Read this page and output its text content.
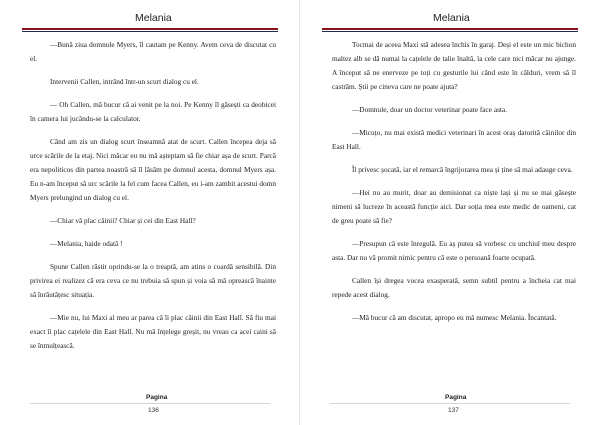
Melania

—Bună ziua domnule Myers, îl cautam pe Kenny. Avem ceva de discutat cu el.

Intervenii Callen, intrând într-un scurt dialog cu el.

— Oh Callen, mă bucur că ai venit pe la noi. Pe Kenny îl găsești ca deobicei în camera lui jucându-se la calculator.

Când am zis un dialog scurt înseamnă atat de scurt. Callen începea deja să urce scările de la etaj. Nici măcar eu nu mă așteptam să fie chiar așa de scurt. Parcă era nepoliticos din partea noastră să îl lăsăm pe domnul acesta, domnul Myers așa. Eu n-am început să urc scările la fel cum facea Callen, eu i-am zambit acestui domn Myers prelungind un dialog cu el.

—Chiar vă plac câinii? Chiar și cei din East Hall?

—Melania, haide odată !

Spune Callen răstit oprindu-se la o treaptă, am atins o coardă sensibilă. Din privirea ei realizez că era ceva ce nu trebuia să spun și voia să mă oprească înainte să înrăutățesc situația.

—Mie nu, lui Maxi al meu ar parea că îi plac câinii din East Hall. Să fiu mai exact îi plac cațelele din East Hall. Nu mă înțelege greșit, nu vreau ca acei caini să se înmulțească.

Pagina
136
Melania

Tocmai de aceea Maxi stă adesea închis în garaj. Deși el este un mic bichon maltez alb se dă numai la cațelele de talie înaltă, la cele care nici măcar nu ajunge. A început să ne enerveze pe toți cu gesturile lui când este în călduri, vrem să îl castrăm. Știi pe cineva care ne poate ajuta?

—Domnule, doar un doctor veterinar poate face asta.

—Micuțo, nu mai există medici veterinari în acest oraș datorită câinilor din East Hall.

Îl privesc șocată, iar el remarcă îngrijorarea mea și ține să mai adauge ceva.

—Hei nu au murit, doar au demisionat ca niște lași și nu se mai găsește nimeni să lucreze în această funcție aici. Dar soția mea este medic de oameni, cat de greu poate să fie?

—Presupun că este înregulă. Eu aș putea să vorbesc cu unchiul meu despre asta. Dar nu vă promit nimic pentru că este o persoană foarte ocupată.

Callen își dregea vocea exasperată, semn subtil pentru a încheia cat mai repede acest dialog.

—Mă bucur că am discutat, apropo eu mă numesc Melania. Încantată.

Pagina
137
